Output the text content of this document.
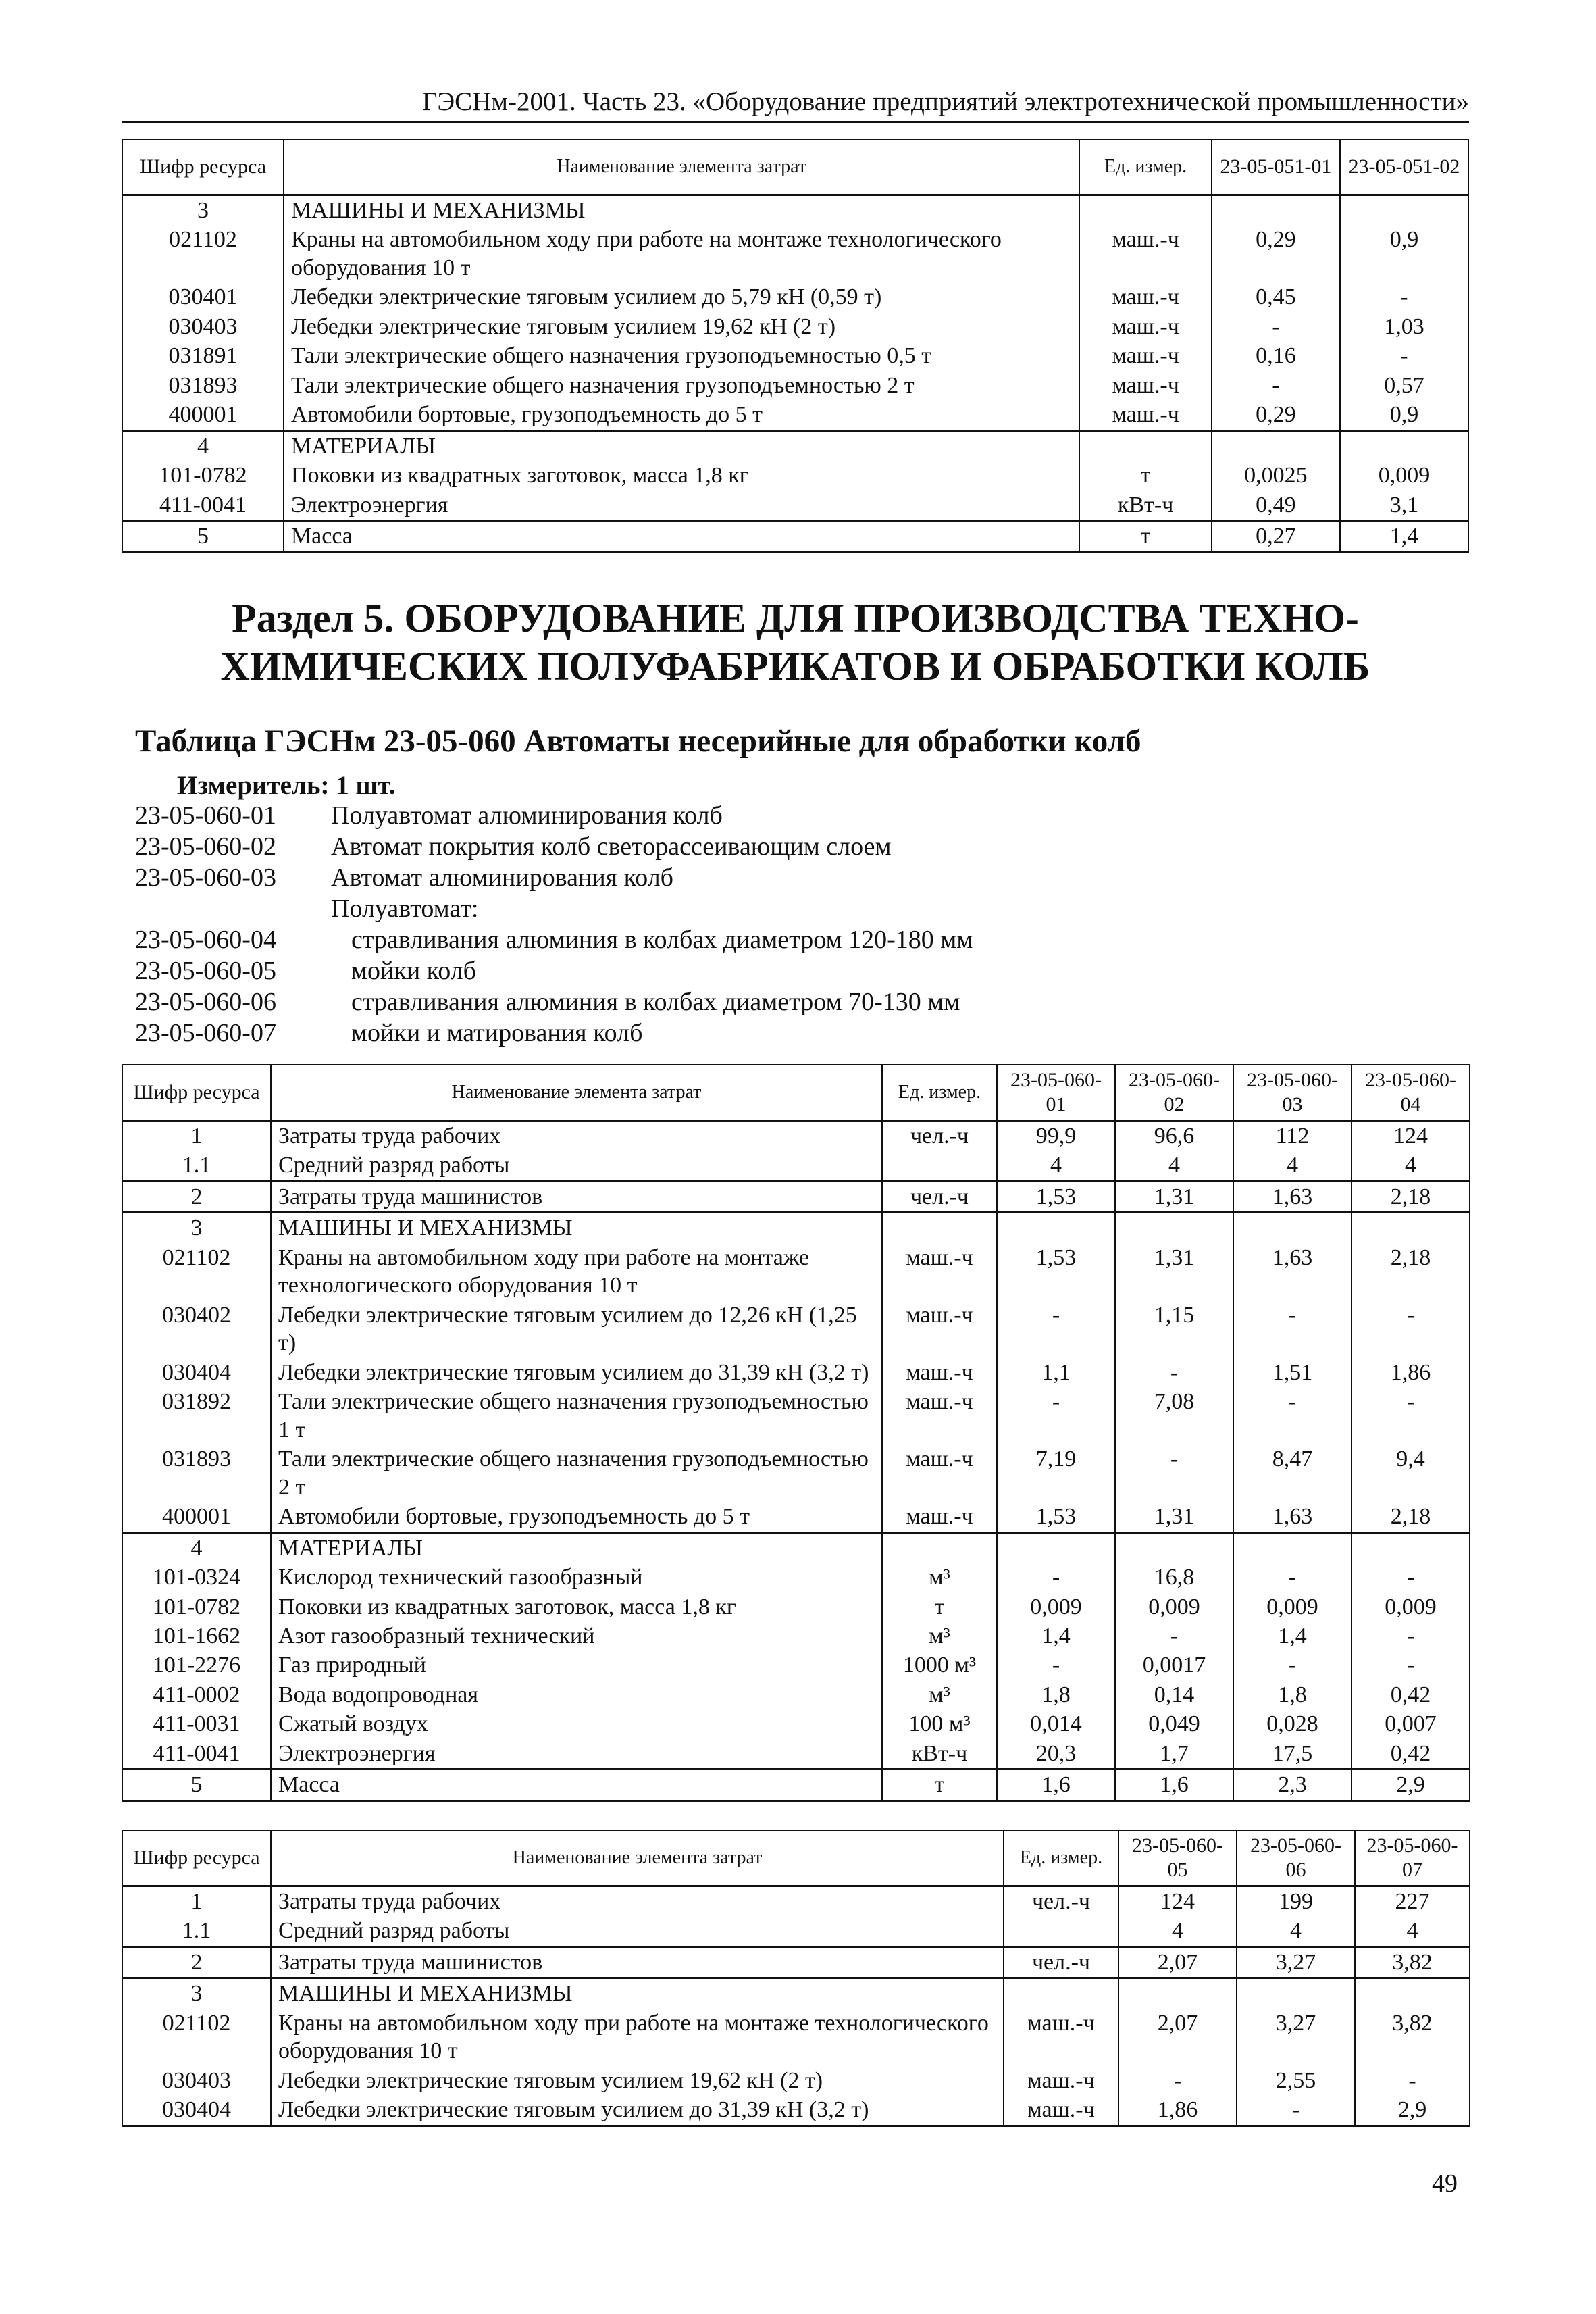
ГЭСНм-2001. Часть 23. «Оборудование предприятий электротехнической промышленности»
Шифр ресурса	Наименование элемента затрат	Ед. измер.	23-05-051-01	23-05-051-02
3	МАШИНЫ И МЕХАНИЗМЫ			
021102	Краны на автомобильном ходу при работе на монтаже технологического оборудования 10 т	маш.-ч	0,29	0,9
030401	Лебедки электрические тяговым усилием до 5,79 кН (0,59 т)	маш.-ч	0,45	-
030403	Лебедки электрические тяговым усилием 19,62 кН (2 т)	маш.-ч	-	1,03
031891	Тали электрические общего назначения грузоподъемностью 0,5 т	маш.-ч	0,16	-
031893	Тали электрические общего назначения грузоподъемностью 2 т	маш.-ч	-	0,57
400001	Автомобили бортовые, грузоподъемность до 5 т	маш.-ч	0,29	0,9
4	МАТЕРИАЛЫ			
101-0782	Поковки из квадратных заготовок, масса 1,8 кг	т	0,0025	0,009
411-0041	Электроэнергия	кВт-ч	0,49	3,1
5	Масса	т	0,27	1,4
Раздел 5. ОБОРУДОВАНИЕ ДЛЯ ПРОИЗВОДСТВА ТЕХНО-ХИМИЧЕСКИХ ПОЛУФАБРИКАТОВ И ОБРАБОТКИ КОЛБ
Таблица ГЭСНм 23-05-060 Автоматы несерийные для обработки колб
Измеритель: 1 шт.
23-05-060-01 Полуавтомат алюминирования колб
23-05-060-02 Автомат покрытия колб светорассеивающим слоем
23-05-060-03 Автомат алюминирования колб
Полуавтомат:
23-05-060-04	стравливания алюминия в колбах диаметром 120-180 мм
23-05-060-05	мойки колб
23-05-060-06	стравливания алюминия в колбах диаметром 70-130 мм
23-05-060-07	мойки и матирования колб
Шифр ресурса	Наименование элемента затрат	Ед. измер.	23-05-060-01	23-05-060-02	23-05-060-03	23-05-060-04
1	Затраты труда рабочих	чел.-ч	99,9	96,6	112	124
1.1	Средний разряд работы		4	4	4	4
2	Затраты труда машинистов	чел.-ч	1,53	1,31	1,63	2,18
3	МАШИНЫ И МЕХАНИЗМЫ					
021102	Краны на автомобильном ходу при работе на монтаже технологического оборудования 10 т	маш.-ч	1,53	1,31	1,63	2,18
030402	Лебедки электрические тяговым усилием до 12,26 кН (1,25 т)	маш.-ч	-	1,15	-	-
030404	Лебедки электрические тяговым усилием до 31,39 кН (3,2 т)	маш.-ч	1,1	-	1,51	1,86
031892	Тали электрические общего назначения грузоподъемностью 1 т	маш.-ч	-	7,08	-	-
031893	Тали электрические общего назначения грузоподъемностью 2 т	маш.-ч	7,19	-	8,47	9,4
400001	Автомобили бортовые, грузоподъемность до 5 т	маш.-ч	1,53	1,31	1,63	2,18
4	МАТЕРИАЛЫ					
101-0324	Кислород технический газообразный	м³	-	16,8	-	-
101-0782	Поковки из квадратных заготовок, масса 1,8 кг	т	0,009	0,009	0,009	0,009
101-1662	Азот газообразный технический	м³	1,4	-	1,4	-
101-2276	Газ природный	1000 м³	-	0,0017	-	-
411-0002	Вода водопроводная	м³	1,8	0,14	1,8	0,42
411-0031	Сжатый воздух	100 м³	0,014	0,049	0,028	0,007
411-0041	Электроэнергия	кВт-ч	20,3	1,7	17,5	0,42
5	Масса	т	1,6	1,6	2,3	2,9
Шифр ресурса	Наименование элемента затрат	Ед. измер.	23-05-060-05	23-05-060-06	23-05-060-07
1	Затраты труда рабочих	чел.-ч	124	199	227
1.1	Средний разряд работы		4	4	4
2	Затраты труда машинистов	чел.-ч	2,07	3,27	3,82
3	МАШИНЫ И МЕХАНИЗМЫ				
021102	Краны на автомобильном ходу при работе на монтаже технологического оборудования 10 т	маш.-ч	2,07	3,27	3,82
030403	Лебедки электрические тяговым усилием 19,62 кН (2 т)	маш.-ч	-	2,55	-
030404	Лебедки электрические тяговым усилием до 31,39 кН (3,2 т)	маш.-ч	1,86	-	2,9
49
